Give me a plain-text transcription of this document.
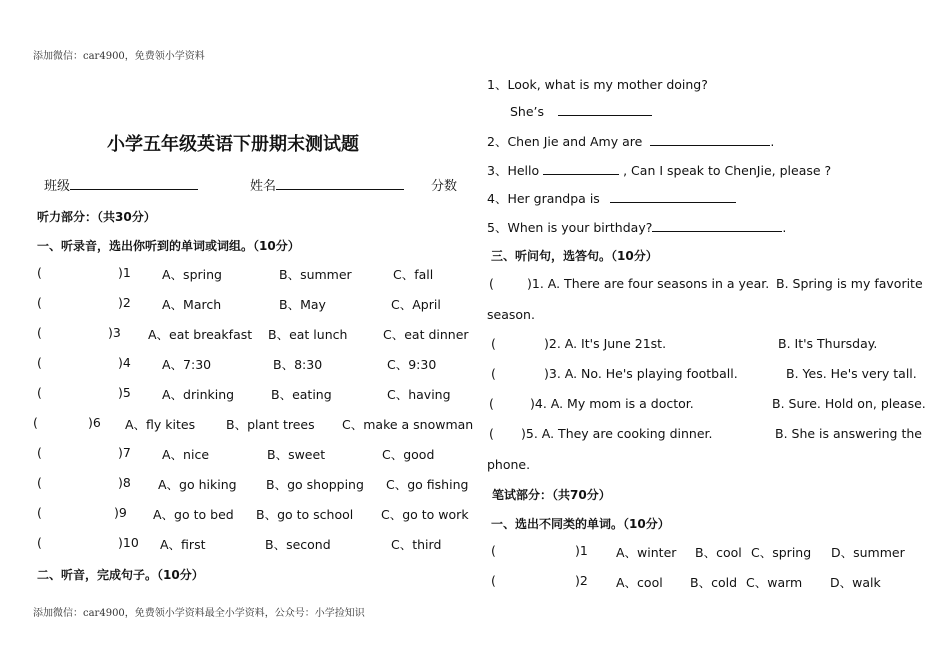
添加微信：car4900，免费领小学资料
添加微信：car4900，免费领小学资料最全小学资料，公众号：小学捡知识
小学五年级英语下册期末测试题
班级	姓名	分数
听力部分：（共30分）
一、听录音，选出你听到的单词或词组。（10分）
(	)1 A、spring	B、summer	C、fall
(	)2 A、March	B、May	C、April
(	)3 A、eat breakfast B、eat lunch	C、eat dinner
(	)4 A、7:30	B、8:30	C、9:30
(	)5 A、drinking	B、eating	C、having
(	)6 A、fly kites B、plant trees C、make a snowman
(	)7 A、nice	B、sweet	C、good
(	)8 A、go hiking B、go shopping C、go fishing
(	)9 A、go to bed B、go to school C、go to work
(	)10 A、first	B、second	C、third
二、听音，完成句子。（10分）
1、Look, what is my mother doing?
She’s
2、Chen Jie and Amy are	.
3、Hello	, Can I speak to ChenJie, please ?
4、Her grandpa is
5、When is your birthday?	.
三、听问句，选答句。（10分）
(	)1. A. There are four seasons in a year. B. Spring is my favorite
season.
(	)2. A. It's June 21st.	B. It's Thursday.
(	)3. A. No. He's playing football.	B. Yes. He's very tall.
(	)4. A. My mom is a doctor.	B. Sure. Hold on, please.
( )5. A. They are cooking dinner.	B. She is answering the
phone.
笔试部分：（共70分）
一、选出不同类的单词。（10分）
(	)1 A、winter B、cool C、spring D、summer
(	)2 A、cool B、cold C、warm D、walk
